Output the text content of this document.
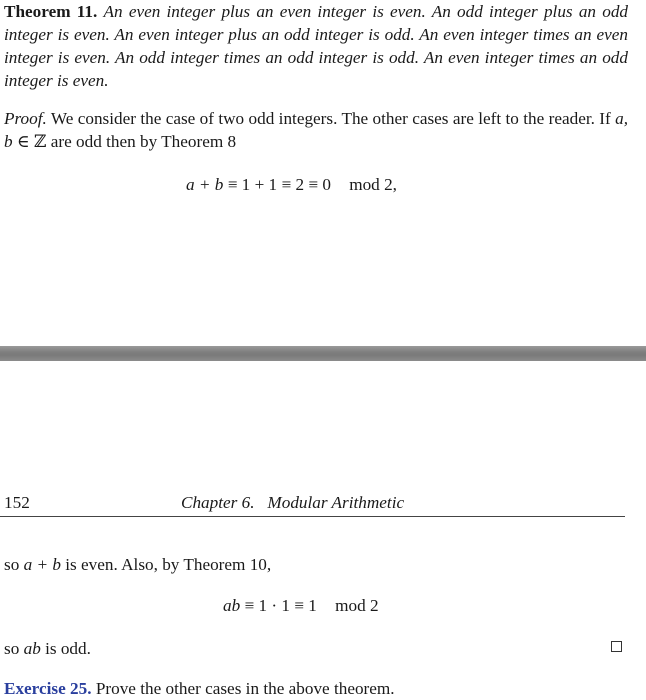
Theorem 11. An even integer plus an even integer is even. An odd integer plus an odd integer is even. An even integer plus an odd integer is odd. An even integer times an even integer is even. An odd integer times an odd integer is odd. An even integer times an odd integer is even.
Proof. We consider the case of two odd integers. The other cases are left to the reader. If a, b ∈ ℤ are odd then by Theorem 8
a + b ≡ 1 + 1 ≡ 2 ≡ 0 mod 2,
152	Chapter 6.   Modular Arithmetic
so a + b is even. Also, by Theorem 10,
ab ≡ 1 · 1 ≡ 1 mod 2
so ab is odd.
Exercise 25. Prove the other cases in the above theorem.
